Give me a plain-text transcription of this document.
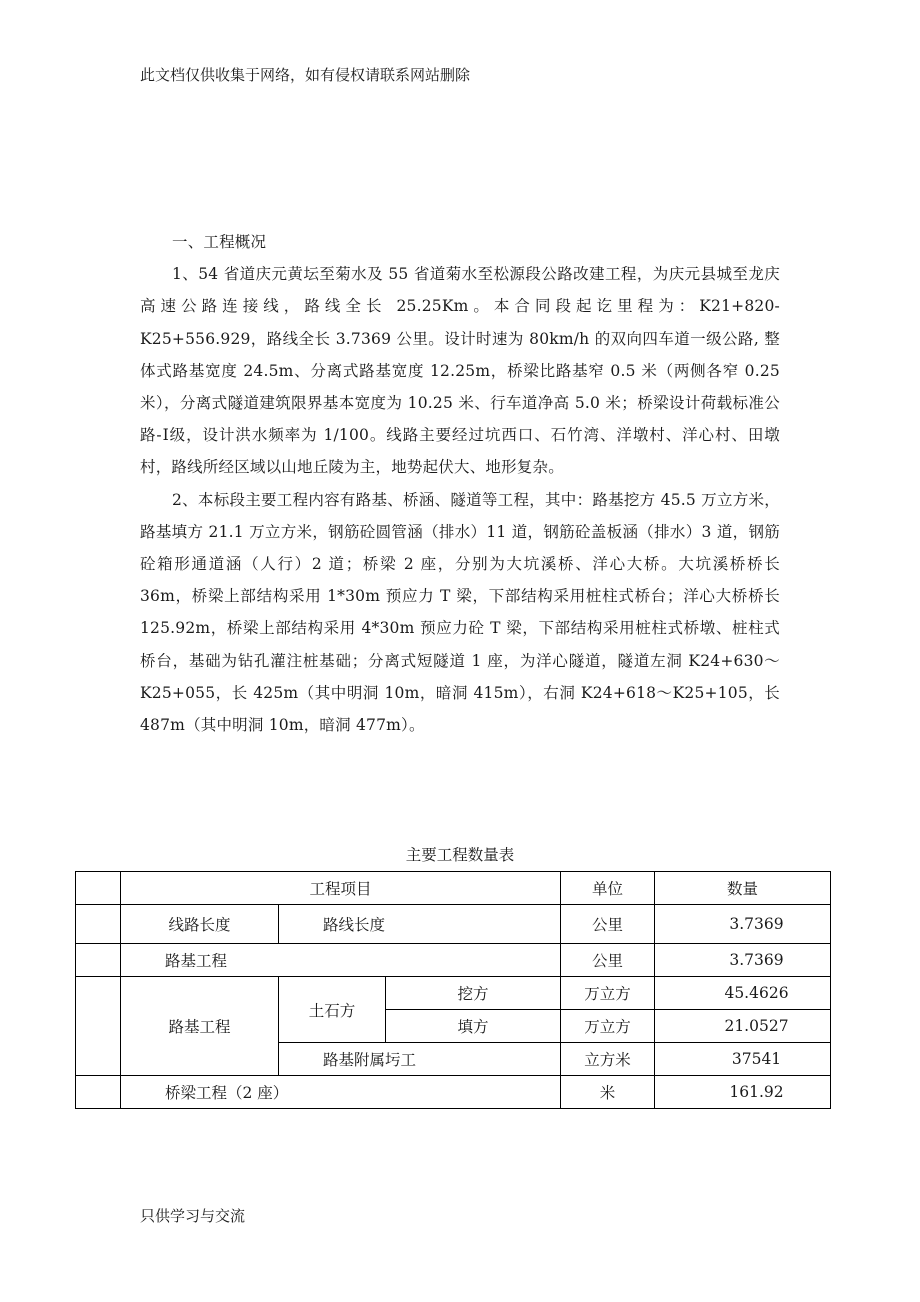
此文档仅供收集于网络，如有侵权请联系网站删除

一、工程概况

1、54 省道庆元黄坛至菊水及 55 省道菊水至松源段公路改建工程，为庆元县城至龙庆高速公路连接线，路线全长 25.25Km。本合同段起讫里程为：K21+820-K25+556.929，路线全长 3.7369 公里。设计时速为 80km/h 的双向四车道一级公路, 整体式路基宽度 24.5m、分离式路基宽度 12.25m，桥梁比路基窄 0.5 米（两侧各窄 0.25 米），分离式隧道建筑限界基本宽度为 10.25 米、行车道净高 5.0 米；桥梁设计荷载标准公路-Ⅰ级，设计洪水频率为 1/100。线路主要经过坑西口、石竹湾、洋墩村、洋心村、田墩村，路线所经区域以山地丘陵为主，地势起伏大、地形复杂。

2、本标段主要工程内容有路基、桥涵、隧道等工程，其中：路基挖方 45.5 万立方米，路基填方 21.1 万立方米，钢筋砼圆管涵（排水）11 道，钢筋砼盖板涵（排水）3 道，钢筋砼箱形通道涵（人行）2 道；桥梁 2 座，分别为大坑溪桥、洋心大桥。大坑溪桥桥长 36m，桥梁上部结构采用 1*30m 预应力 T 梁，下部结构采用桩柱式桥台；洋心大桥桥长 125.92m，桥梁上部结构采用 4*30m 预应力砼 T 梁，下部结构采用桩柱式桥墩、桩柱式桥台，基础为钻孔灌注桩基础；分离式短隧道 1 座，为洋心隧道，隧道左洞 K24+630～K25+055，长 425m（其中明洞 10m，暗洞 415m），右洞 K24+618～K25+105，长 487m（其中明洞 10m，暗洞 477m）。

主要工程数量表
	工程项目			单位	数量
	线路长度	路线长度		公里	3.7369
	路基工程			公里	3.7369
	路基工程	土石方	挖方	万立方	45.4626
			填方	万立方	21.0527
		路基附属圬工		立方米	37541
	桥梁工程（2 座）			米	161.92
只供学习与交流
